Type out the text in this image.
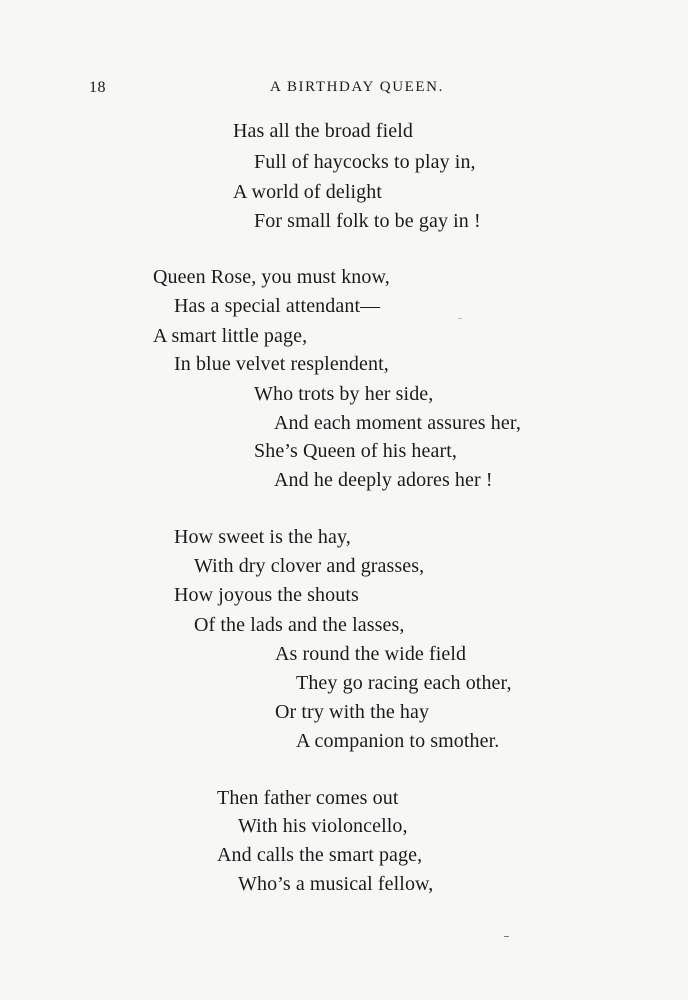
18	A BIRTHDAY QUEEN.
Has all the broad field
Full of haycocks to play in,
A world of delight
For small folk to be gay in !
Queen Rose, you must know,
Has a special attendant—
A smart little page,
In blue velvet resplendent,
Who trots by her side,
And each moment assures her,
She’s Queen of his heart,
And he deeply adores her !
How sweet is the hay,
With dry clover and grasses,
How joyous the shouts
Of the lads and the lasses,
As round the wide field
They go racing each other,
Or try with the hay
A companion to smother.
Then father comes out
With his violoncello,
And calls the smart page,
Who’s a musical fellow,
